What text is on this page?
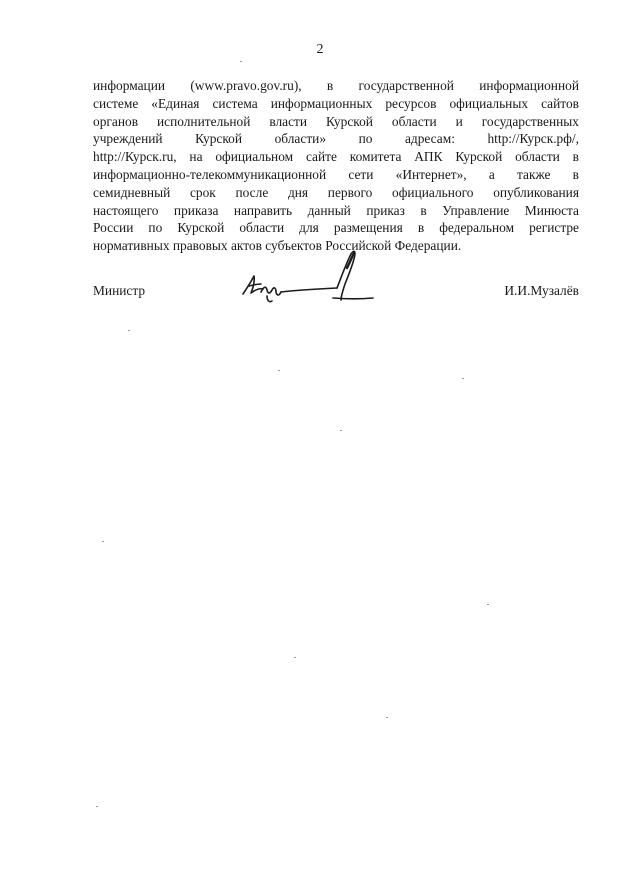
2
информации (www.pravo.gov.ru), в государственной информационной
системе «Единая система информационных ресурсов официальных сайтов
органов исполнительной власти Курской области и государственных
учреждений Курской области» по адресам: http://Курск.рф/,
http://Курск.ru, на официальном сайте комитета АПК Курской области в
информационно-телекоммуникационной сети «Интернет», а также в
семидневный срок после дня первого официального опубликования
настоящего приказа направить данный приказ в Управление Минюста
России по Курской области для размещения в федеральном регистре
нормативных правовых актов субъектов Российской Федерации.
Министр	И.И.Музалёв
